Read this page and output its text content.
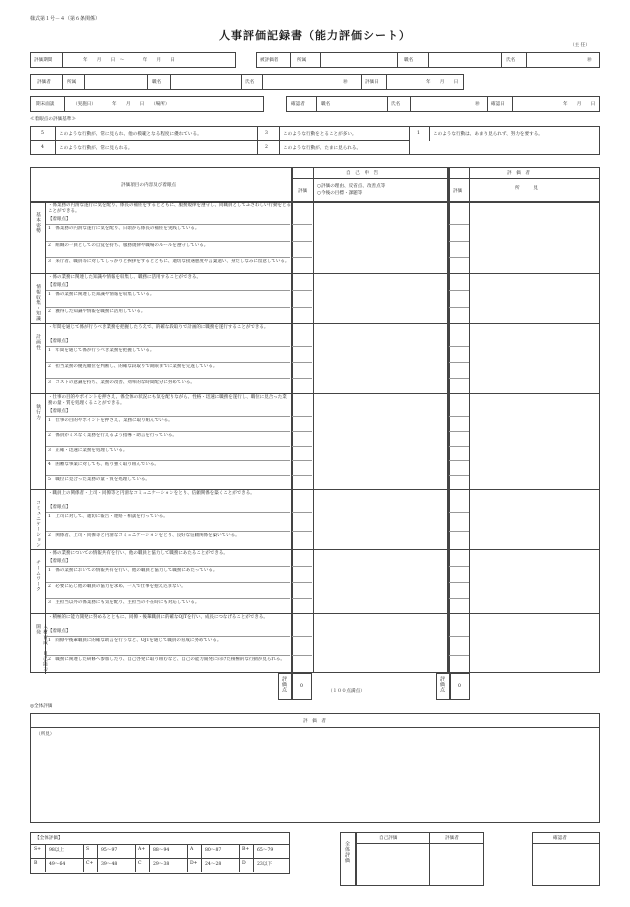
様式第１号－４（第６条関係）
人事評価記録書（能力評価シート）
（主 任）
評価期間	年　　月　　日　～　　　　年　　月　　日	被評価者	所属	職名	氏名	㊞
評価者	所属	職名	氏名	㊞	評価日	年　　月　　日
期末面談	（実施日）　　　　年　　月　　日　　（場所）	確認者	職名	氏名	㊞ 確認日	年　　月　　日
≪着眼点の評価基準≫
5	このような行動が、常に見られ、他の模範となる程度に優れている。	3	このような行動をとることが多い。	1	このような行動は、あまり見られず、努力を要する。
4	このような行動が、常に見られる。	2	このような行動が、たまに見られる。
評価項目の内容及び着眼点
自　己　申　告
評価
○評価の理由、反省点、改善点等
○今後の目標・課題等
評　価　者
評価
所　　　見
基本姿勢
・係業務の円滑な遂行に気を配り、係長の補佐をするとともに、服務規律を遵守し、同職員としてふさわしい行動をとることができる。
【着眼点】
1　係業務の円滑な遂行に気を配り、日頃から係長の補佐を実践している。
2　組織の一員としての自覚を持ち、服務規律や職場のルールを遵守している。
3　来庁者、職員等に対してしっかりと挨拶をするとともに、適切な接遇態度や言葉遣い、身だしなみに留意している。
情報収集・知識
・係の業務に関連した知識や情報を収集し、職務に活用することができる。
【着眼点】
1　係の業務に関連した知識や情報を収集している。
2　獲得した知識や情報を職務に活用している。
計画性
・年間を通じて係が行うべき業務を把握したうえで、的確な段取りで計画的に職務を遂行することができる。
【着眼点】
1　年間を通じて係が行うべき業務を把握している。
2　担当業務の優先順位を判断し、的確な段取りで期限までに業務を完遂している。
3　コストの意識を持ち、業務の改善、効率的な時間配分に努めている。
執行力
・仕事の目的やポイントを押さえ、係全体の状況にも気を配りながら、性格・迅速に職務を遂行し、職位に見合った業務の量・質を処理くることができる。
【着眼点】
1　仕事の目的やポイントを押さえ、業務に取り組んでいる。
2　係員がミスなく業務を行えるよう指導・助言を行っている。
3　正確・迅速に業務を処理している。
4　困難な事案に対しても、粘り強く取り組んでいる。
5　職位に見合った業務の量・質を処理している。
コミュニケーション
・職員上の関係者・上司・同僚等と円滑なコミュニケーションをとり、信頼関係を築くことができる。
【着眼点】
1　上司に対して、適切に報告・連絡・相談を行っている。
2　関係者、上司・同僚等と円滑なコミュニケーションをとり、良好な信頼関係を築いている。
チームワーク
・係の業務についての情報共有を行い、他の職員と協力して職務にあたることができる。
【着眼点】
1　係の業務においての情報共有を行い、他の職員と協力して職務にあたっている。
2　必要に応じ他の職員の協力を求め、一人で仕事を抱え込まない。
3　主担当以外の係業務にも気を配り、主担当の不在時にも対応している。
人材育成・自己能力開発
・積極的に能力開発に努めるとともに、同僚・後輩職員に的確なOJTを行い、成長につなげることができる。
【着眼点】
1　同僚や後輩職員に的確な助言を行うなど、OJTを通じて職員の育成に努めている。
2　職務に関連した研修へ参加したり、自己啓発に取り組むなど、自己の能力開発に向けた積極的な行動が見られる。
評価点	0
（１００点満点）	評価点	0
◎全体評価
評　価　者
（所見）
【全体評価】
S+ 98以上	S	95～97	A+ 88～94	A	80～87	B+ 65～79
B	49～64	C+ 39～48	C 29～38	D+ 24～28	D 23以下
全体評価
自己評価	評価者	確認者
